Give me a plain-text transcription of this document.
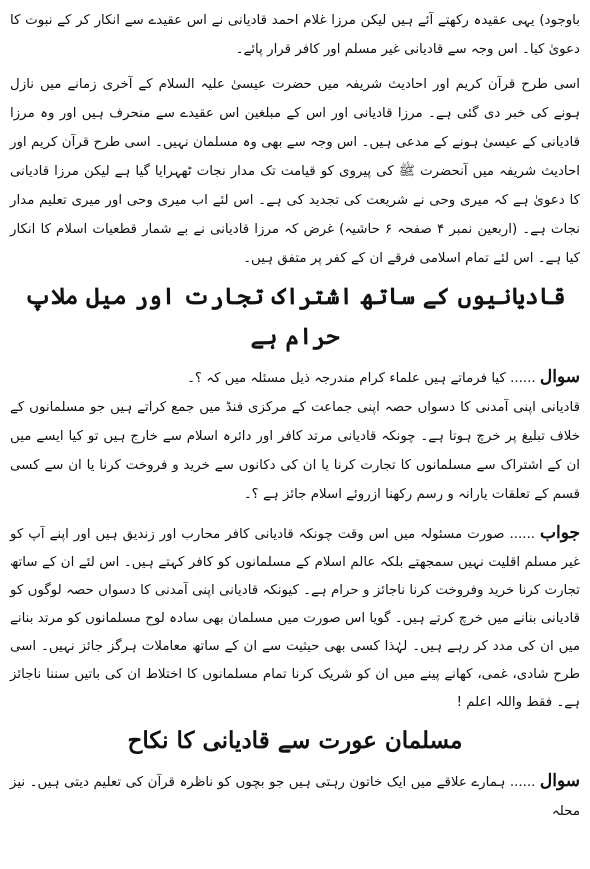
باوجود) یہی عقیدہ رکھتے آئے ہیں لیکن مرزا غلام احمد قادیانی نے اس عقیدے سے انکار کر کے نبوت کا دعویٰ کیا۔ اس وجہ سے قادیانی غیر مسلم اور کافر قرار پائے۔

اسی طرح قرآن کریم اور احادیث شریفہ میں حضرت عیسیٰ علیہ السلام کے آخری زمانے میں نازل ہونے کی خبر دی گئی ہے۔ مرزا قادیانی اور اس کے مبلغین اس عقیدے سے منحرف ہیں اور وہ مرزا قادیانی کے عیسیٰ ہونے کے مدعی ہیں۔ اس وجہ سے بھی وہ مسلمان نہیں۔ اسی طرح قرآن کریم اور احادیث شریفہ میں آنحضرت ﷺ کی پیروی کو قیامت تک مدار نجات ٹھہرایا گیا ہے لیکن مرزا قادیانی کا دعویٰ ہے کہ میری وحی نے شریعت کی تجدید کی ہے۔ اس لئے اب میری وحی اور میری تعلیم مدار نجات ہے۔ (اربعین نمبر ۴ صفحہ ۶ حاشیہ) غرض کہ مرزا قادیانی نے بے شمار قطعیات اسلام کا انکار کیا ہے۔ اس لئے تمام اسلامی فرقے ان کے کفر پر متفق ہیں۔

قادیانیوں کے ساتھ اشتراک تجارت اور میل ملاپ حرام ہے

سوال ...... کیا فرماتے ہیں علماء کرام مندرجہ ذیل مسئلہ میں کہ ؟۔

قادیانی اپنی آمدنی کا دسواں حصہ اپنی جماعت کے مرکزی فنڈ میں جمع کراتے ہیں جو مسلمانوں کے خلاف تبلیغ پر خرچ ہوتا ہے۔ چونکہ قادیانی مرتد کافر اور دائرہ اسلام سے خارج ہیں تو کیا ایسے میں ان کے اشتراک سے مسلمانوں کا تجارت کرنا یا ان کی دکانوں سے خرید و فروخت کرنا یا ان سے کسی قسم کے تعلقات یارانہ و رسم رکھنا ازروئے اسلام جائز ہے ؟۔

جواب ...... صورت مسئولہ میں اس وقت چونکہ قادیانی کافر محارب اور زندیق ہیں اور اپنے آپ کو غیر مسلم اقلیت نہیں سمجھتے بلکہ عالم اسلام کے مسلمانوں کو کافر کہتے ہیں۔ اس لئے ان کے ساتھ تجارت کرنا خرید وفروخت کرنا ناجائز و حرام ہے۔ کیونکہ قادیانی اپنی آمدنی کا دسواں حصہ لوگوں کو قادیانی بنانے میں خرچ کرتے ہیں۔ گویا اس صورت میں مسلمان بھی سادہ لوح مسلمانوں کو مرتد بنانے میں ان کی مدد کر رہے ہیں۔ لہٰذا کسی بھی حیثیت سے ان کے ساتھ معاملات ہرگز جائز نہیں۔ اسی طرح شادی، غمی، کھانے پینے میں ان کو شریک کرنا تمام مسلمانوں کا اختلاط ان کی باتیں سننا ناجائز ہے۔ فقط واللہ اعلم !

مسلمان عورت سے قادیانی کا نکاح

سوال ...... ہمارے علاقے میں ایک خاتون رہتی ہیں جو بچوں کو ناظرہ قرآن کی تعلیم دیتی ہیں۔ نیز محلہ
